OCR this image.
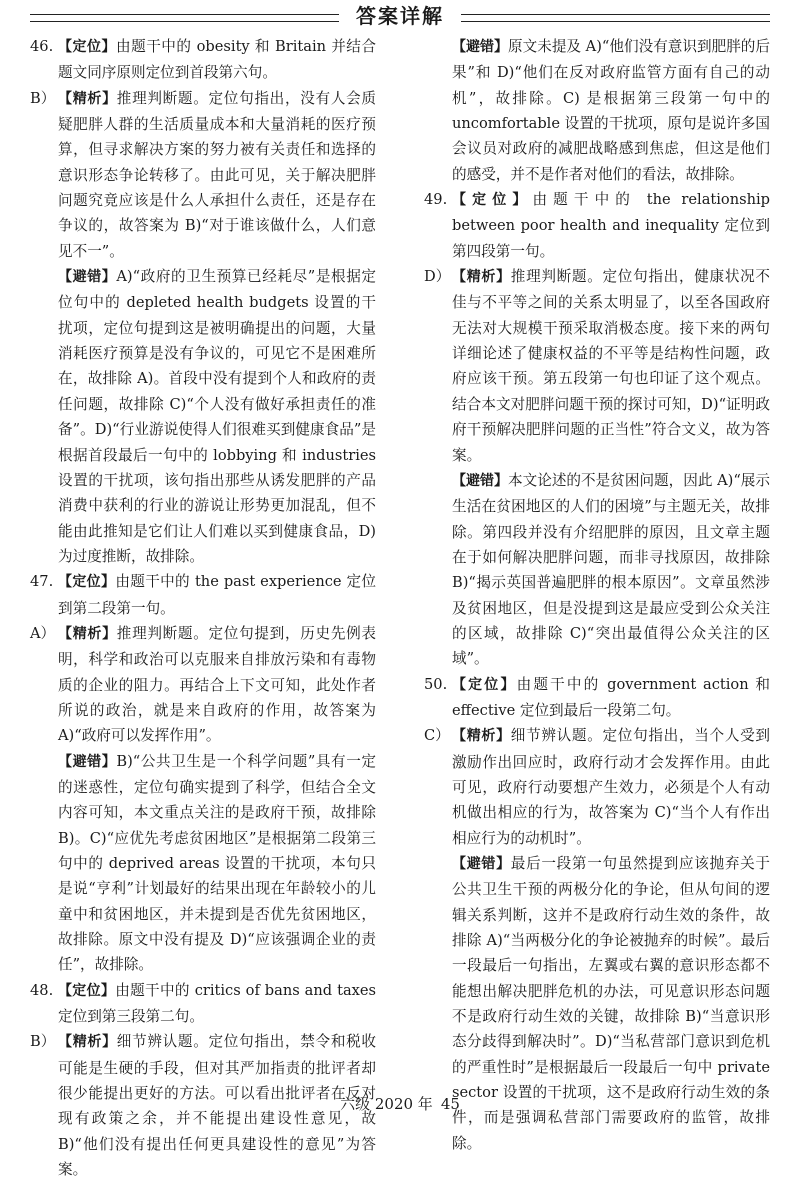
答案详解
46. 【定位】由题干中的 obesity 和 Britain 并结合题文同序原则定位到首段第六句。
B） 【精析】推理判断题。定位句指出，没有人会质疑肥胖人群的生活质量成本和大量消耗的医疗预算，但寻求解决方案的努力被有关责任和选择的意识形态争论转移了。由此可见，关于解决肥胖问题究竟应该是什么人承担什么责任，还是存在争议的，故答案为 B)“对于谁该做什么，人们意见不一”。
【避错】A)“政府的卫生预算已经耗尽”是根据定位句中的 depleted health budgets 设置的干扰项，定位句提到这是被明确提出的问题，大量消耗医疗预算是没有争议的，可见它不是困难所在，故排除 A)。首段中没有提到个人和政府的责任问题，故排除 C)“个人没有做好承担责任的准备”。D)“行业游说使得人们很难买到健康食品”是根据首段最后一句中的 lobbying 和 industries 设置的干扰项，该句指出那些从诱发肥胖的产品消费中获利的行业的游说让形势更加混乱，但不能由此推知是它们让人们难以买到健康食品，D) 为过度推断，故排除。
47. 【定位】由题干中的 the past experience 定位到第二段第一句。
A） 【精析】推理判断题。定位句提到，历史先例表明，科学和政治可以克服来自排放污染和有毒物质的企业的阻力。再结合上下文可知，此处作者所说的政治，就是来自政府的作用，故答案为 A)“政府可以发挥作用”。
【避错】B)“公共卫生是一个科学问题”具有一定的迷惑性，定位句确实提到了科学，但结合全文内容可知，本文重点关注的是政府干预，故排除 B)。C)“应优先考虑贫困地区”是根据第二段第三句中的 deprived areas 设置的干扰项，本句只是说“亨利”计划最好的结果出现在年龄较小的儿童中和贫困地区，并未提到是否优先贫困地区，故排除。原文中没有提及 D)“应该强调企业的责任”，故排除。
48. 【定位】由题干中的 critics of bans and taxes 定位到第三段第二句。
B） 【精析】细节辨认题。定位句指出，禁令和税收可能是生硬的手段，但对其严加指责的批评者却很少能提出更好的方法。可以看出批评者在反对现有政策之余，并不能提出建设性意见，故 B)“他们没有提出任何更具建设性的意见”为答案。
【避错】原文未提及 A)“他们没有意识到肥胖的后果”和 D)“他们在反对政府监管方面有自己的动机”，故排除。C) 是根据第三段第一句中的 uncomfortable 设置的干扰项，原句是说许多国会议员对政府的减肥战略感到焦虑，但这是他们的感受，并不是作者对他们的看法，故排除。
49. 【定位】由题干中的 the relationship between poor health and inequality 定位到第四段第一句。
D） 【精析】推理判断题。定位句指出，健康状况不佳与不平等之间的关系太明显了，以至各国政府无法对大规模干预采取消极态度。接下来的两句详细论述了健康权益的不平等是结构性问题，政府应该干预。第五段第一句也印证了这个观点。结合本文对肥胖问题干预的探讨可知，D)“证明政府干预解决肥胖问题的正当性”符合文义，故为答案。
【避错】本文论述的不是贫困问题，因此 A)“展示生活在贫困地区的人们的困境”与主题无关，故排除。第四段并没有介绍肥胖的原因，且文章主题在于如何解决肥胖问题，而非寻找原因，故排除 B)“揭示英国普遍肥胖的根本原因”。文章虽然涉及贫困地区，但是没提到这是最应受到公众关注的区域，故排除 C)“突出最值得公众关注的区域”。
50. 【定位】由题干中的 government action 和 effective 定位到最后一段第二句。
C） 【精析】细节辨认题。定位句指出，当个人受到激励作出回应时，政府行动才会发挥作用。由此可见，政府行动要想产生效力，必须是个人有动机做出相应的行为，故答案为 C)“当个人有作出相应行为的动机时”。
【避错】最后一段第一句虽然提到应该抛弃关于公共卫生干预的两极分化的争论，但从句间的逻辑关系判断，这并不是政府行动生效的条件，故排除 A)“当两极分化的争论被抛弃的时候”。最后一段最后一句指出，左翼或右翼的意识形态都不能想出解决肥胖危机的办法，可见意识形态问题不是政府行动生效的关键，故排除 B)“当意识形态分歧得到解决时”。D)“当私营部门意识到危机的严重性时”是根据最后一段最后一句中 private sector 设置的干扰项，这不是政府行动生效的条件，而是强调私营部门需要政府的监管，故排除。
六级 2020 年 45
